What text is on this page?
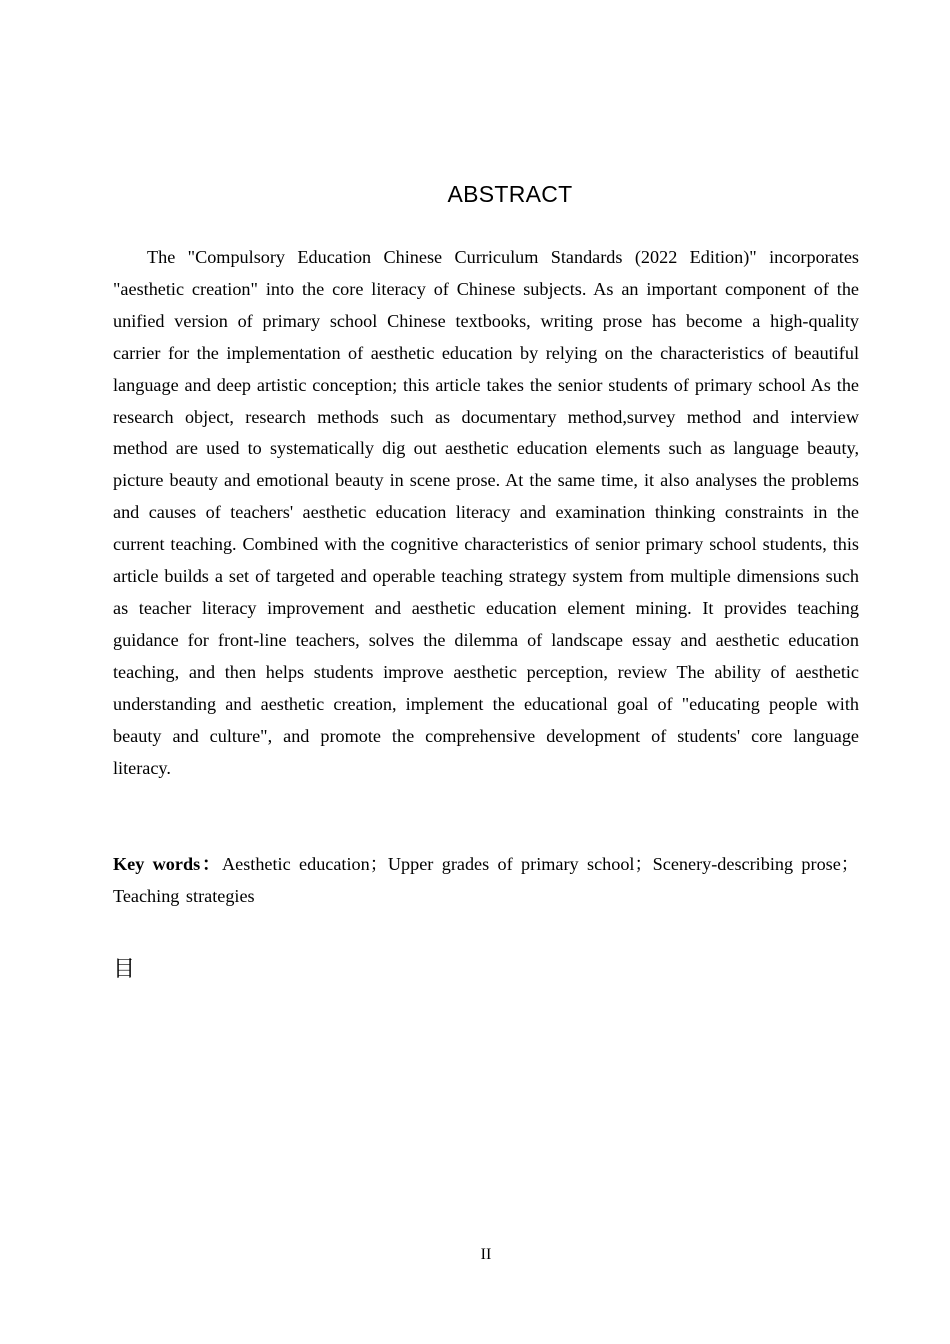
ABSTRACT

The "Compulsory Education Chinese Curriculum Standards (2022 Edition)" incorporates "aesthetic creation" into the core literacy of Chinese subjects. As an important component of the unified version of primary school Chinese textbooks, writing prose has become a high-quality carrier for the implementation of aesthetic education by relying on the characteristics of beautiful language and deep artistic conception; this article takes the senior students of primary school As the research object, research methods such as documentary method,survey method and interview method are used to systematically dig out aesthetic education elements such as language beauty, picture beauty and emotional beauty in scene prose. At the same time, it also analyses the problems and causes of teachers' aesthetic education literacy and examination thinking constraints in the current teaching. Combined with the cognitive characteristics of senior primary school students, this article builds a set of targeted and operable teaching strategy system from multiple dimensions such as teacher literacy improvement and aesthetic education element mining. It provides teaching guidance for front-line teachers, solves the dilemma of landscape essay and aesthetic education teaching, and then helps students improve aesthetic perception, review The ability of aesthetic understanding and aesthetic creation, implement the educational goal of "educating people with beauty and culture", and promote the comprehensive development of students' core language literacy.

Key words：Aesthetic education；Upper grades of primary school；Scenery-describing prose；Teaching strategies

目
II
